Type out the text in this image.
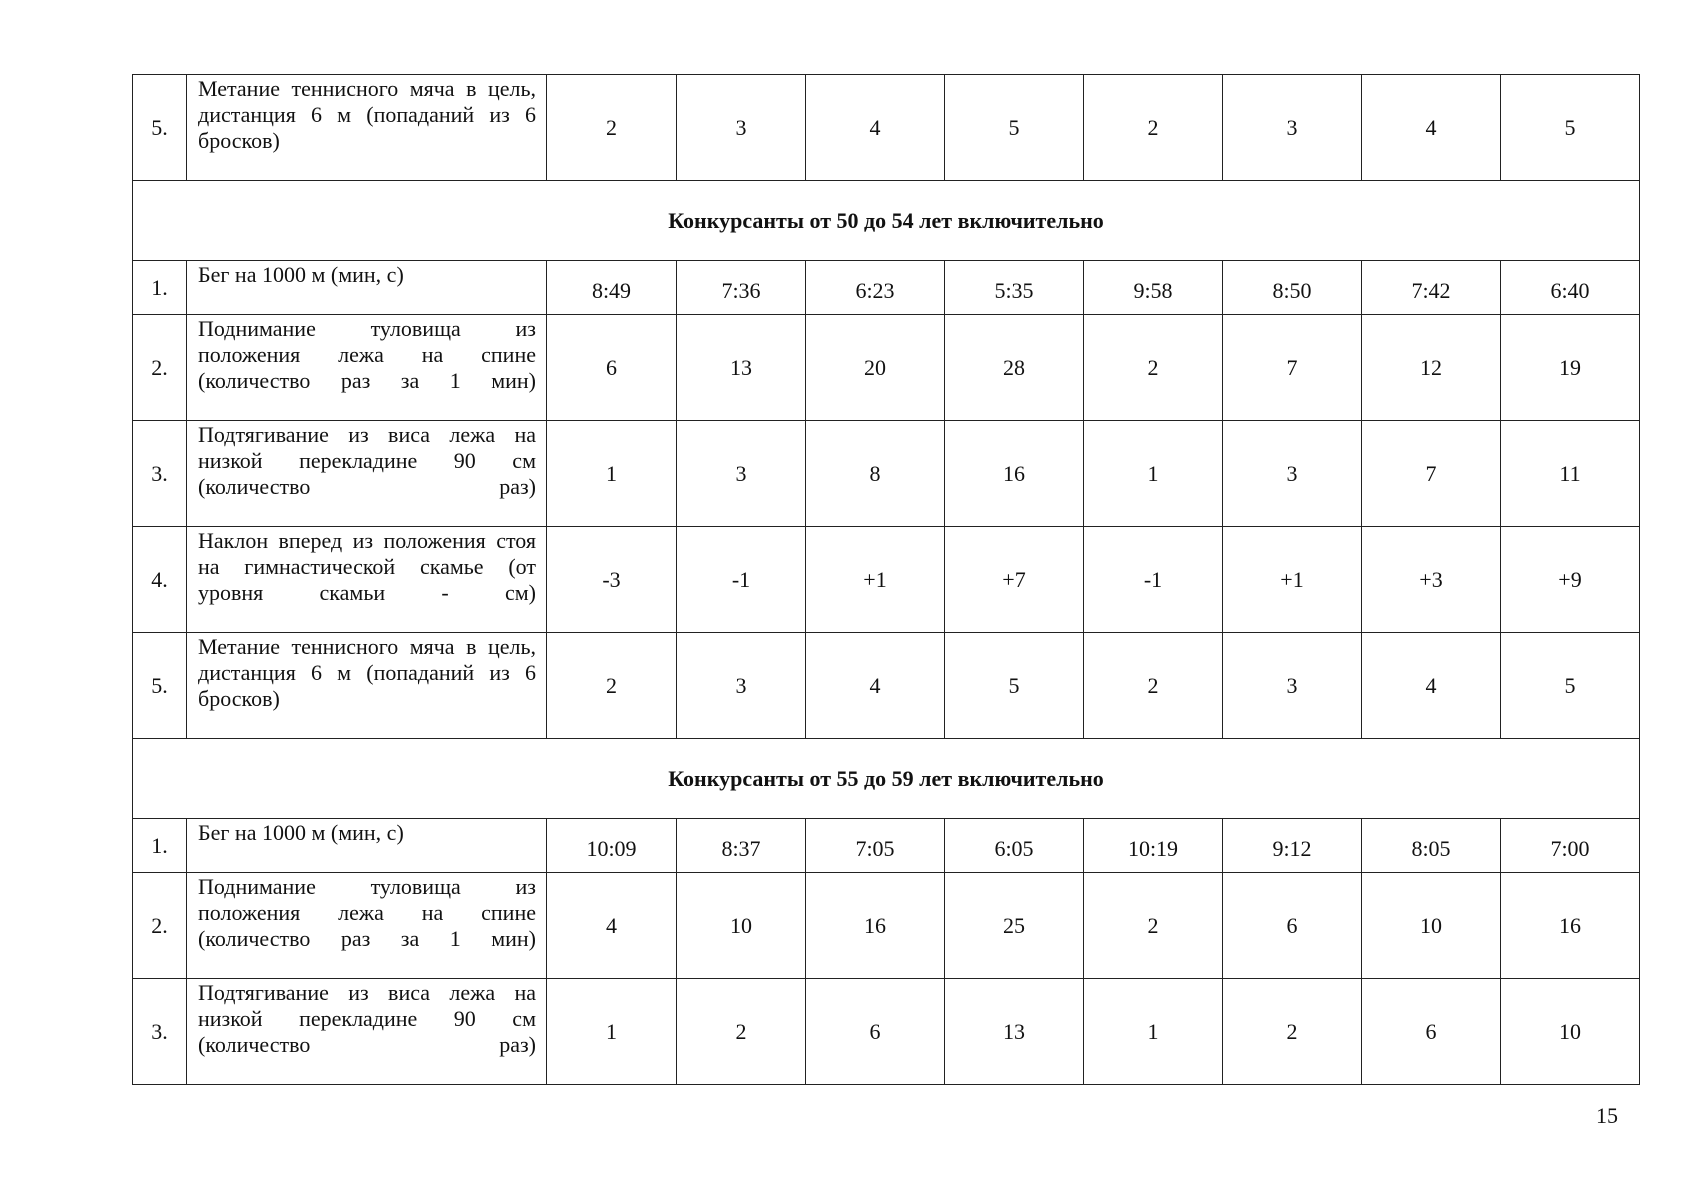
5.	Метание теннисного мяча в цель, дистанция 6 м (попаданий из 6 бросков)	2	3	4	5	2	3	4	5
Конкурсанты от 50 до 54 лет включительно									
1.	Бег на 1000 м (мин, с)	8:49	7:36	6:23	5:35	9:58	8:50	7:42	6:40
2.	Поднимание туловища из положения лежа на спине (количество раз за 1 мин)	6	13	20	28	2	7	12	19
3.	Подтягивание из виса лежа на низкой перекладине 90 см (количество раз)	1	3	8	16	1	3	7	11
4.	Наклон вперед из положения стоя на гимнастической скамье (от уровня скамьи - см)	-3	-1	+1	+7	-1	+1	+3	+9
5.	Метание теннисного мяча в цель, дистанция 6 м (попаданий из 6 бросков)	2	3	4	5	2	3	4	5
Конкурсанты от 55 до 59 лет включительно									
1.	Бег на 1000 м (мин, с)	10:09	8:37	7:05	6:05	10:19	9:12	8:05	7:00
2.	Поднимание туловища из положения лежа на спине (количество раз за 1 мин)	4	10	16	25	2	6	10	16
3.	Подтягивание из виса лежа на низкой перекладине 90 см (количество раз)	1	2	6	13	1	2	6	10
15
